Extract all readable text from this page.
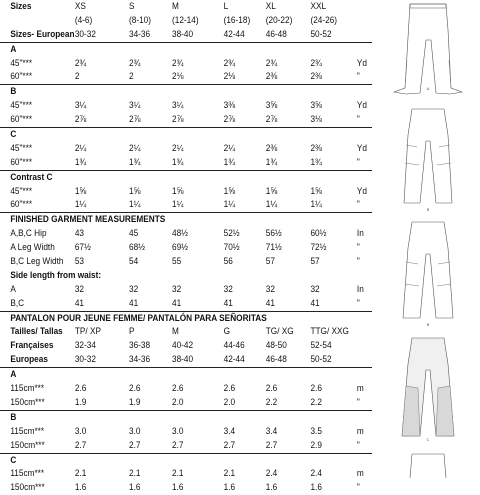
Sizes	XS	S	M	L	XL	XXL
(4-6)	(8-10) (12-14)	(16-18) (20-22) (24-26)
Sizes- European 30-32	34-36 38-40	42-44 46-48 50-52
A
45"***	2¾	2¾	2¾	2¾	2¾	2¾	Yd
60"***	2	2	2⅛	2⅛	2⅜	2⅜	"
B
45"***	3¼	3¼	3¼	3⅜	3⅝	3⅝	Yd
60"***	2⅞	2⅞	2⅞	2⅞	2⅞	3⅛	"
C
45"***	2¼	2¼	2¼	2¼	2⅜	2⅜	Yd
60"***	1¾	1¾	1¾	1¾	1¾	1¾	"
Contrast C
45"***	1⅝	1⅝	1⅝	1⅝	1⅝	1⅝	Yd
60"***	1¼	1¼	1¼	1¼	1¼	1¼	"
FINISHED GARMENT MEASUREMENTS
A,B,C Hip	43	45	48½	52½	56½	60½	In
A Leg Width 67½	68½	69½	70½	71½	72½	"
B,C Leg Width 53	54	55	56	57	57	"
Side length from waist:
A	32	32	32	32	32	32	In
B,C	41	41	41	41	41	41	"
PANTALON POUR JEUNE FEMME/ PANTALÓN PARA SEÑORITAS
Tailles/ Tallas TP/ XP	P	M	G	TG/ XG TTG/ XXG
Françaises 32-34	36-38 40-42	44-46 48-50 52-54
Europeas	30-32	34-36 38-40	42-44 46-48 50-52
A
115cm***	2.6	2.6	2.6	2.6	2.6	2.6	m
150cm***	1.9	1.9	2.0	2.0	2.2	2.2	"
B
115cm***	3.0	3.0	3.0	3.4	3.4	3.5	m
150cm***	2.7	2.7	2.7	2.7	2.7	2.9	"
C
115cm***	2.1	2.1	2.1	2.1	2.4	2.4	m
150cm***	1.6	1.6	1.6	1.6	1.6	1.6	"
A
B
B
C
